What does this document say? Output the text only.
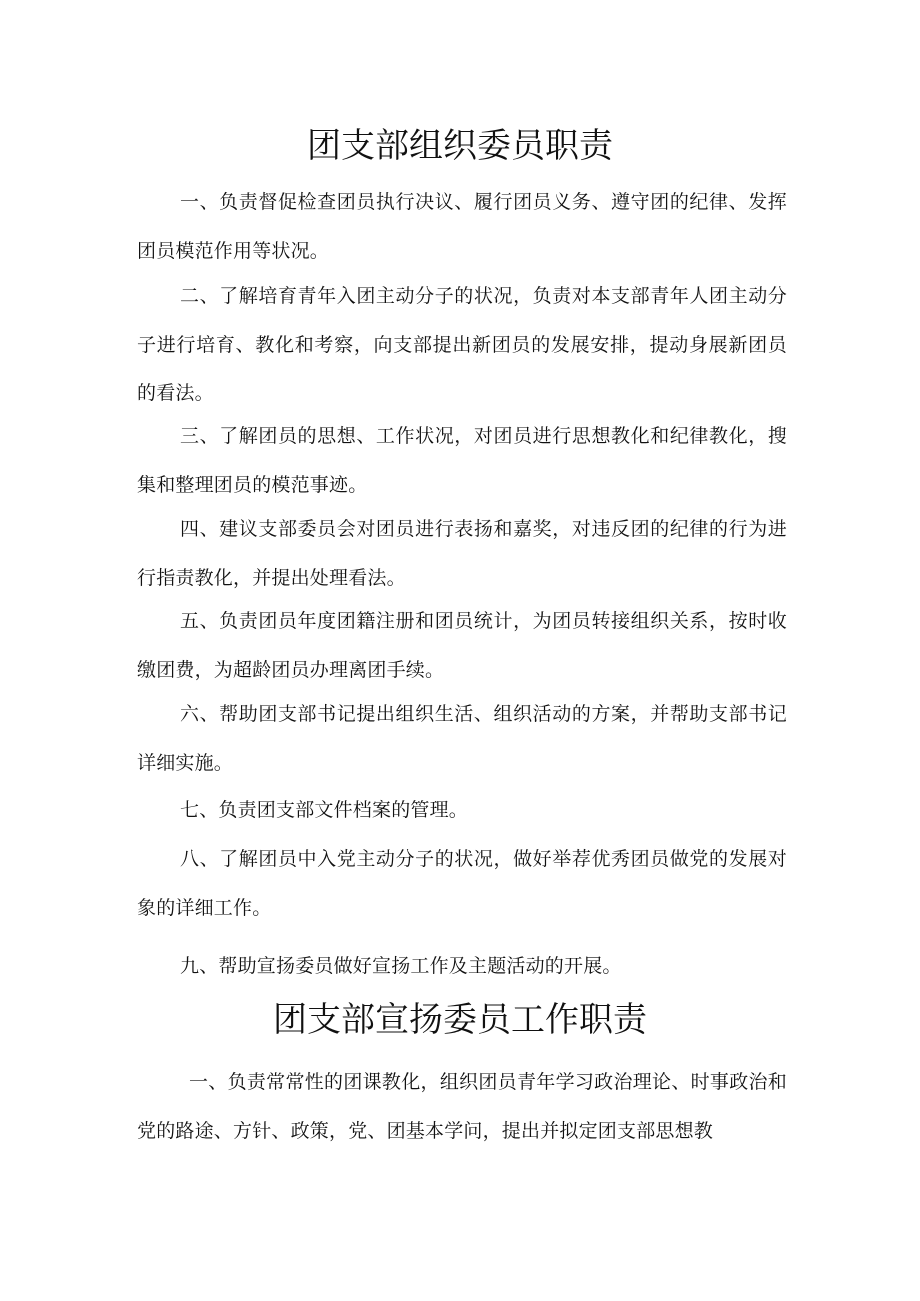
团支部组织委员职责

一、负责督促检查团员执行决议、履行团员义务、遵守团的纪律、发挥团员模范作用等状况。

二、了解培育青年入团主动分子的状况，负责对本支部青年人团主动分子进行培育、教化和考察，向支部提出新团员的发展安排，提动身展新团员的看法。

三、了解团员的思想、工作状况，对团员进行思想教化和纪律教化，搜集和整理团员的模范事迹。

四、建议支部委员会对团员进行表扬和嘉奖，对违反团的纪律的行为进行指责教化，并提出处理看法。

五、负责团员年度团籍注册和团员统计，为团员转接组织关系，按时收缴团费，为超龄团员办理离团手续。

六、帮助团支部书记提出组织生活、组织活动的方案，并帮助支部书记详细实施。

七、负责团支部文件档案的管理。

八、了解团员中入党主动分子的状况，做好举荐优秀团员做党的发展对象的详细工作。

九、帮助宣扬委员做好宣扬工作及主题活动的开展。

团支部宣扬委员工作职责

一、负责常常性的团课教化，组织团员青年学习政治理论、时事政治和党的路途、方针、政策，党、团基本学问，提出并拟定团支部思想教
